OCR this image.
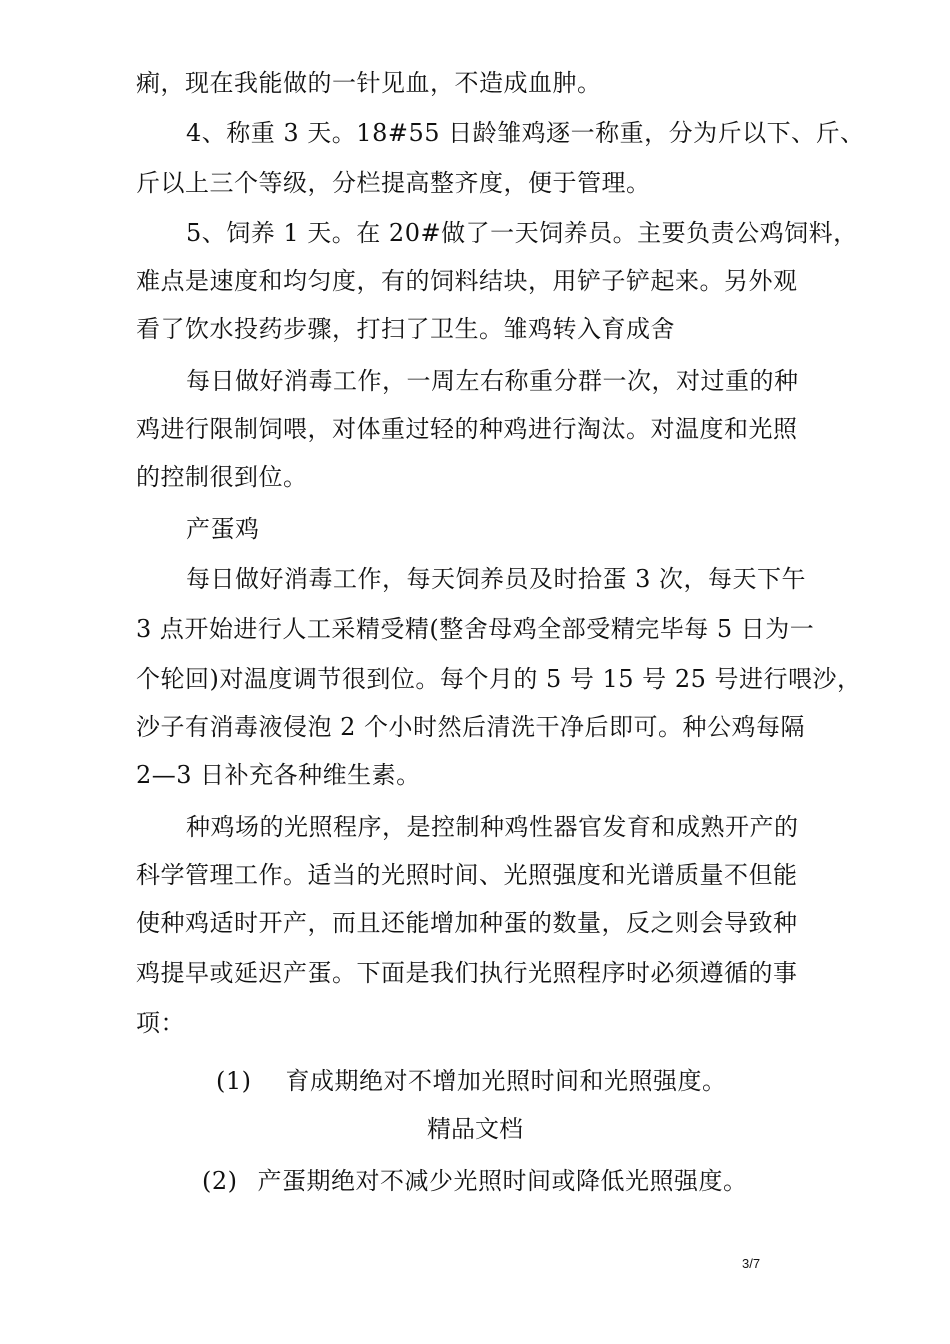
痢，现在我能做的一针见血，不造成血肿。
4、称重 3 天。18#55 日龄雏鸡逐一称重，分为斤以下、斤、
斤以上三个等级，分栏提高整齐度，便于管理。
5、饲养 1 天。在 20#做了一天饲养员。主要负责公鸡饲料，
难点是速度和均匀度，有的饲料结块，用铲子铲起来。另外观
看了饮水投药步骤，打扫了卫生。雏鸡转入育成舍
每日做好消毒工作，一周左右称重分群一次，对过重的种
鸡进行限制饲喂，对体重过轻的种鸡进行淘汰。对温度和光照
的控制很到位。
产蛋鸡
每日做好消毒工作，每天饲养员及时拾蛋 3 次，每天下午
3 点开始进行人工采精受精(整舍母鸡全部受精完毕每 5 日为一
个轮回)对温度调节很到位。每个月的 5 号 15 号 25 号进行喂沙，
沙子有消毒液侵泡 2 个小时然后清洗干净后即可。种公鸡每隔
2—3 日补充各种维生素。
种鸡场的光照程序，是控制种鸡性器官发育和成熟开产的
科学管理工作。适当的光照时间、光照强度和光谱质量不但能
使种鸡适时开产，而且还能增加种蛋的数量，反之则会导致种
鸡提早或延迟产蛋。下面是我们执行光照程序时必须遵循的事
项：
(1) 育成期绝对不增加光照时间和光照强度。
精品文档
(2) 产蛋期绝对不减少光照时间或降低光照强度。
3/7
